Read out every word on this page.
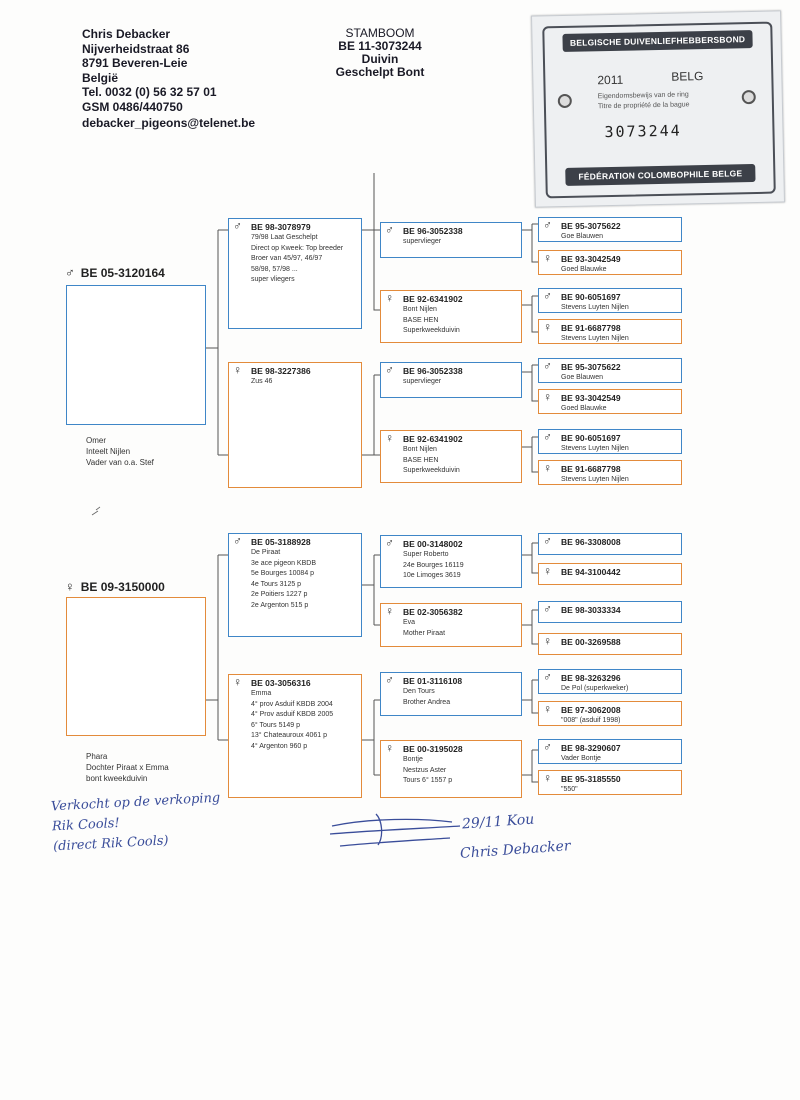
Chris Debacker
Nijverheidstraat 86
8791 Beveren-Leie
België
Tel. 0032 (0) 56 32 57 01
GSM 0486/440750
debacker_pigeons@telenet.be
STAMBOOM
BE 11-3073244
Duivin
Geschelpt Bont
BELGISCHE DUIVENLIEFHEBBERSBOND
2011	BELG
Eigendomsbewijs van de ring
Titre de propriété de la bague
3073244
FÉDÉRATION COLOMBOPHILE BELGE
♂ BE 05-3120164
Omer
Inteelt Nijlen
Vader van o.a. Stef
♂ BE 98-3078979
79/98 Laat Geschelpt
Direct op Kweek: Top breeder
Broer van 45/97, 46/97
58/98, 57/98 ...
super vliegers
♀ BE 98-3227386
Zus 46
♂ BE 96-3052338
supervlieger
♀ BE 92-6341902
Bont Nijlen
BASE HEN
Superkweekduivin
♂ BE 96-3052338
supervlieger
♀ BE 92-6341902
Bont Nijlen
BASE HEN
Superkweekduivin
♂ BE 95-3075622
Goe Blauwen
♀ BE 93-3042549
Goed Blauwke
♂ BE 90-6051697
Stevens Luyten Nijlen
♀ BE 91-6687798
Stevens Luyten Nijlen
♂ BE 95-3075622
Goe Blauwen
♀ BE 93-3042549
Goed Blauwke
♂ BE 90-6051697
Stevens Luyten Nijlen
♀ BE 91-6687798
Stevens Luyten Nijlen
♀ BE 09-3150000
Phara
Dochter Piraat x Emma
bont kweekduivin
♂ BE 05-3188928
De Piraat
3e ace pigeon KBDB
5e Bourges 10084 p
4e Tours 3125 p
2e Poitiers 1227 p
2e Argenton 515 p
♀ BE 03-3056316
Emma
4° prov Asduif KBDB 2004
4° Prov asduif KBDB 2005
6° Tours 5149 p
13° Chateauroux 4061 p
4° Argenton 960 p
♂ BE 00-3148002
Super Roberto
24e Bourges 16119
10e Limoges 3619
♀ BE 02-3056382
Eva
Mother Piraat
♂ BE 01-3116108
Den Tours
Brother Andrea
♀ BE 00-3195028
Bontje
Nestzus Aster
Tours 6° 1557 p
♂ BE 96-3308008
♀ BE 94-3100442
♂ BE 98-3033334
♀ BE 00-3269588
♂ BE 98-3263296
De Pol (superkweker)
♀ BE 97-3062008
"008" (asduif 1998)
♂ BE 98-3290607
Vader Bontje
♀ BE 95-3185550
"550"
Verkocht op de verkoping
Rik Cools!
(direct Rik Cools)
29/11 Kou
Chris Debacker
